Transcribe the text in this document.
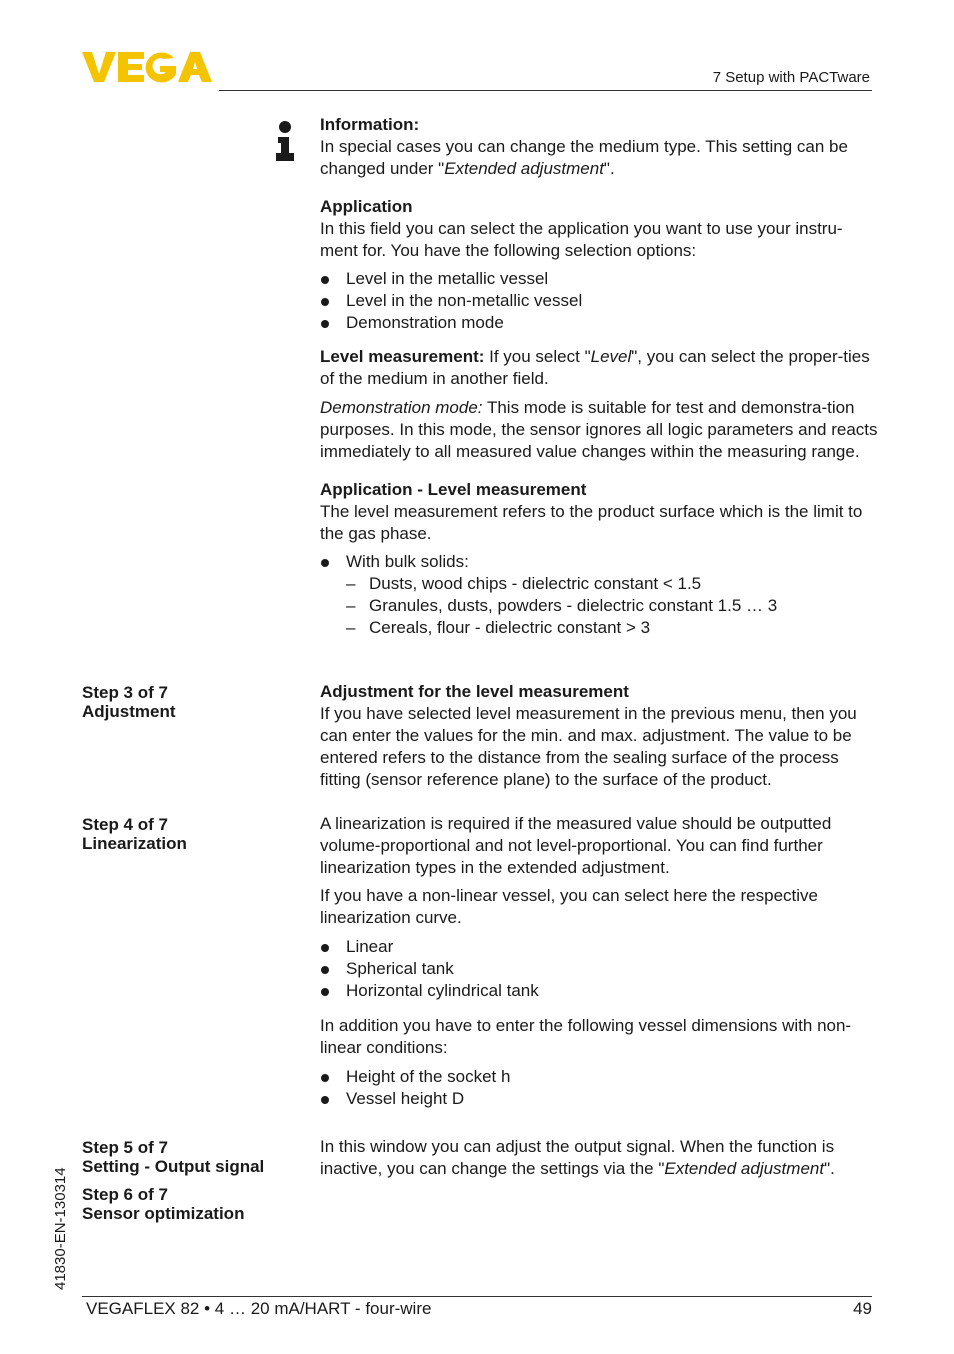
7 Setup with PACTware

Information:

In special cases you can change the medium type. This setting can be changed under "Extended adjustment".

Application

In this field you can select the application you want to use your instru-ment for. You have the following selection options:

Level in the metallic vessel
Level in the non-metallic vessel
Demonstration mode

Level measurement: If you select "Level", you can select the proper-ties of the medium in another field.

Demonstration mode: This mode is suitable for test and demonstra-tion purposes. In this mode, the sensor ignores all logic parameters and reacts immediately to all measured value changes within the measuring range.

Application - Level measurement

The level measurement refers to the product surface which is the limit to the gas phase.

With bulk solids:
– Dusts, wood chips - dielectric constant < 1.5
– Granules, dusts, powders - dielectric constant 1.5 … 3
– Cereals, flour - dielectric constant > 3
Step 3 of 7
Adjustment

Adjustment for the level measurement

If you have selected level measurement in the previous menu, then you can enter the values for the min. and max. adjustment. The value to be entered refers to the distance from the sealing surface of the process fitting (sensor reference plane) to the surface of the product.

Step 4 of 7
Linearization

A linearization is required if the measured value should be outputted volume-proportional and not level-proportional. You can find further linearization types in the extended adjustment.

If you have a non-linear vessel, you can select here the respective linearization curve.

Linear
Spherical tank
Horizontal cylindrical tank

In addition you have to enter the following vessel dimensions with non-linear conditions:

Height of the socket h
Vessel height D
Step 5 of 7
Setting - Output signal

In this window you can adjust the output signal. When the function is inactive, you can change the settings via the "Extended adjustment".

Step 6 of 7
Sensor optimization
41830-EN-130314
VEGAFLEX 82 • 4 … 20 mA/HART - four-wire	49
